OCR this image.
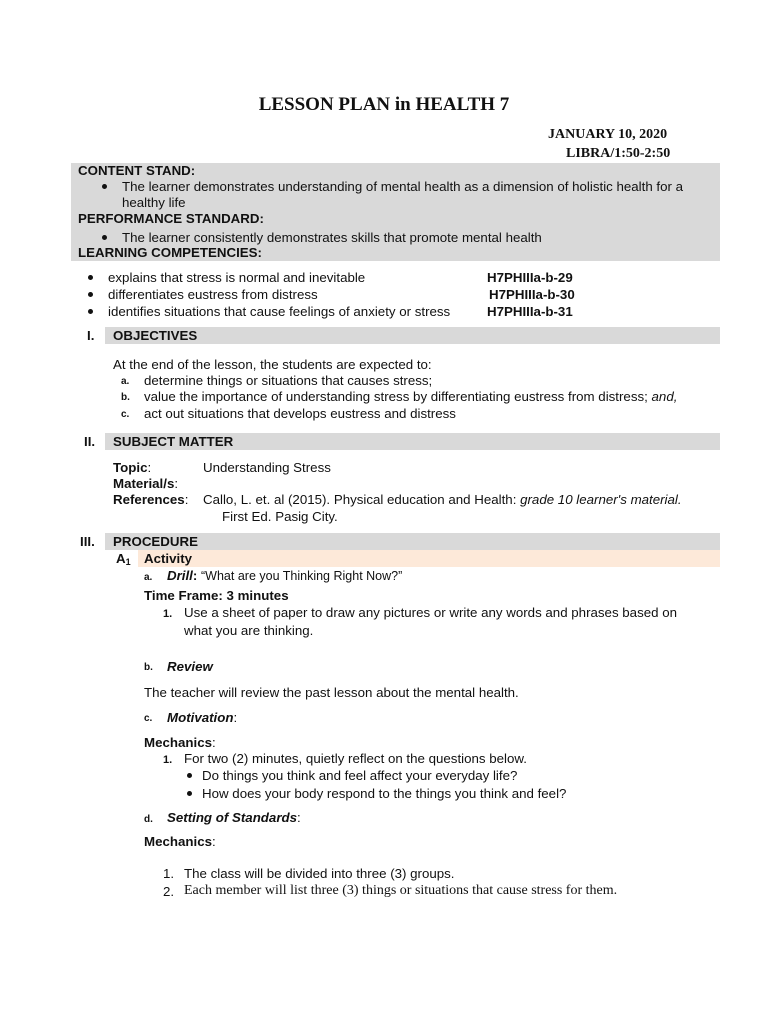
LESSON PLAN in HEALTH 7
JANUARY 10, 2020
LIBRA/1:50-2:50
CONTENT STAND:
The learner demonstrates understanding of mental health as a dimension of holistic health for a
healthy life
PERFORMANCE STANDARD:
The learner consistently demonstrates skills that promote mental health
LEARNING COMPETENCIES:
explains that stress is normal and inevitable	H7PHIIIa-b-29
differentiates eustress from distress	H7PHIIIa-b-30
identifies situations that cause feelings of anxiety or stress	H7PHIIIa-b-31
I. OBJECTIVES
At the end of the lesson, the students are expected to:
a. determine things or situations that causes stress;
b. value the importance of understanding stress by differentiating eustress from distress; and,
c. act out situations that develops eustress and distress
II. SUBJECT MATTER
Topic:	Understanding Stress
Material/s:
References: Callo, L. et. al (2015). Physical education and Health: grade 10 learner's material.
First Ed. Pasig City.
III. PROCEDURE
$A_1$ Activity
a. Drill: “What are you Thinking Right Now?”
Time Frame: 3 minutes
1. Use a sheet of paper to draw any pictures or write any words and phrases based on
what you are thinking.
b. Review
The teacher will review the past lesson about the mental health.
c. Motivation:
Mechanics:
1. For two (2) minutes, quietly reflect on the questions below.
Do things you think and feel affect your everyday life?
How does your body respond to the things you think and feel?
d. Setting of Standards:
Mechanics:
1. The class will be divided into three (3) groups.
2. Each member will list three (3) things or situations that cause stress for them.
